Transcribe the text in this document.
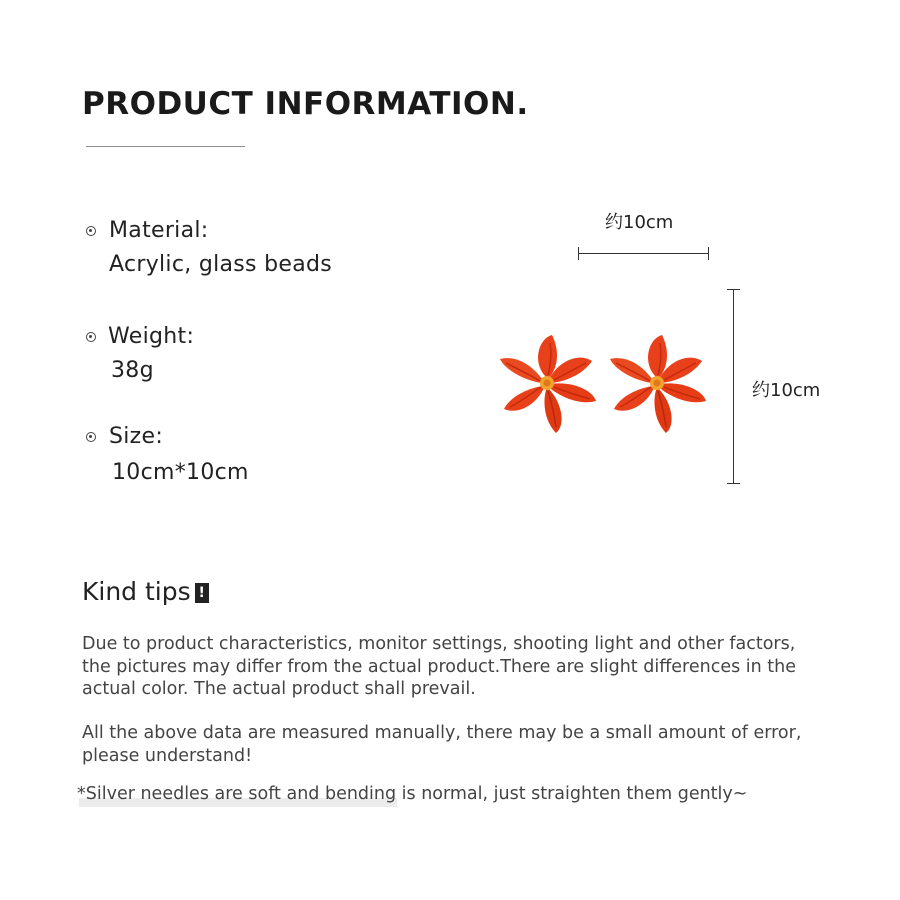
PRODUCT INFORMATION.
Material:
Acrylic, glass beads
Weight:
38g
Size:
10cm*10cm
约10cm
约10cm
Kind tips !

Due to product characteristics, monitor settings, shooting light and other factors, the pictures may differ from the actual product.There are slight differences in the actual color. The actual product shall prevail.

All the above data are measured manually, there may be a small amount of error, please understand!

*Silver needles are soft and bending is normal, just straighten them gently~
